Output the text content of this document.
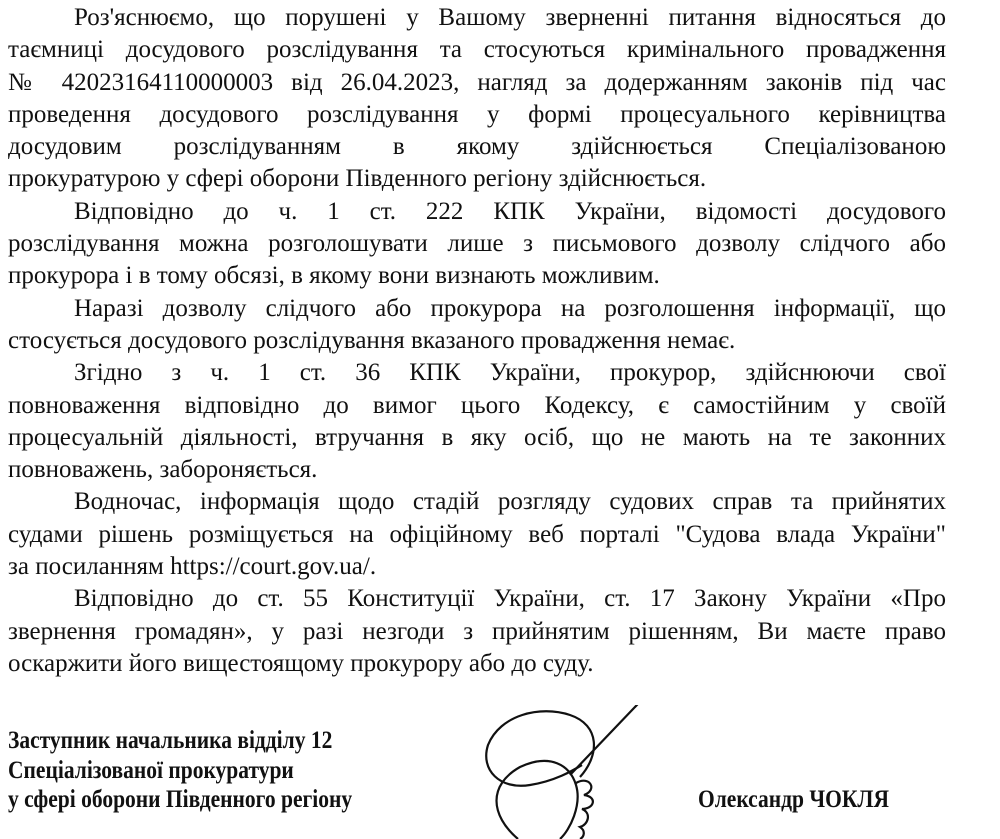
Роз'яснюємо, що порушені у Вашому зверненні питання відносяться до
таємниці досудового розслідування та стосуються кримінального провадження
№ 42023164110000003 від 26.04.2023, нагляд за додержанням законів під час
проведення досудового розслідування у формі процесуального керівництва
досудовим розслідуванням в якому здійснюється Спеціалізованою
прокуратурою у сфері оборони Південного регіону здійснюється.
Відповідно до ч. 1 ст. 222 КПК України, відомості досудового
розслідування можна розголошувати лише з письмового дозволу слідчого або
прокурора і в тому обсязі, в якому вони визнають можливим.
Наразі дозволу слідчого або прокурора на розголошення інформації, що
стосується досудового розслідування вказаного провадження немає.
Згідно з ч. 1 ст. 36 КПК України, прокурор, здійснюючи свої
повноваження відповідно до вимог цього Кодексу, є самостійним у своїй
процесуальній діяльності, втручання в яку осіб, що не мають на те законних
повноважень, забороняється.
Водночас, інформація щодо стадій розгляду судових справ та прийнятих
судами рішень розміщується на офіційному веб порталі "Судова влада України"
за посиланням https://court.gov.ua/.
Відповідно до ст. 55 Конституції України, ст. 17 Закону України «Про
звернення громадян», у разі незгоди з прийнятим рішенням, Ви маєте право
оскаржити його вищестоящому прокурору або до суду.
Заступник начальника відділу 12
Спеціалізованої прокуратури
у сфері оборони Південного регіону	Олександр ЧОКЛЯ
